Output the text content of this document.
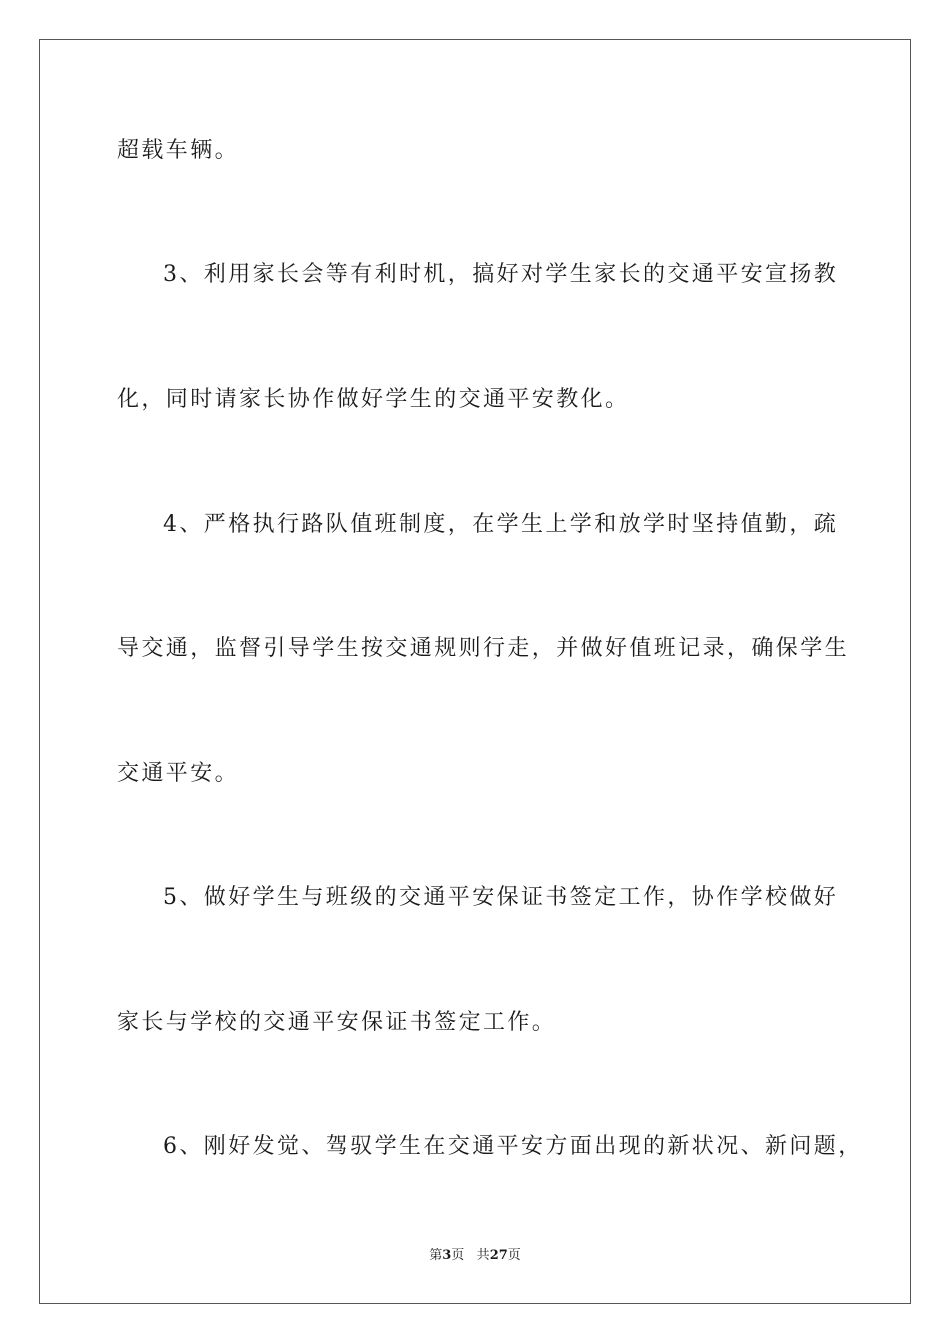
超载车辆。
3、利用家长会等有利时机，搞好对学生家长的交通平安宣扬教
化，同时请家长协作做好学生的交通平安教化。
4、严格执行路队值班制度，在学生上学和放学时坚持值勤，疏
导交通，监督引导学生按交通规则行走，并做好值班记录，确保学生
交通平安。
5、做好学生与班级的交通平安保证书签定工作，协作学校做好
家长与学校的交通平安保证书签定工作。
6、刚好发觉、驾驭学生在交通平安方面出现的新状况、新问题，
第3页 共27页
